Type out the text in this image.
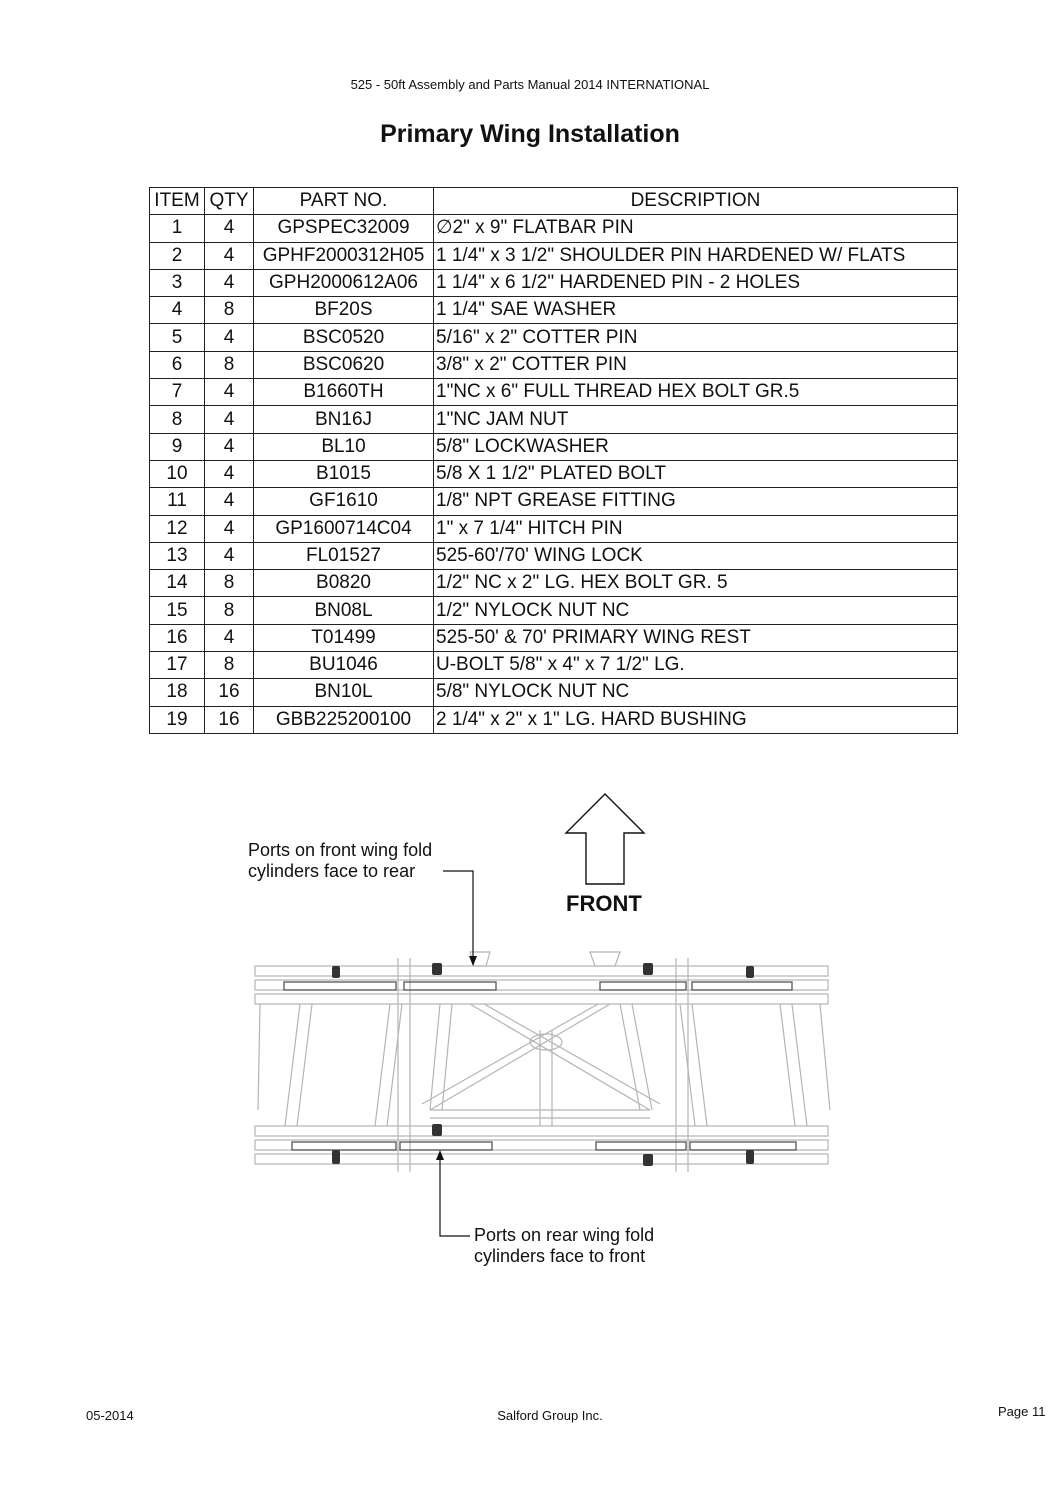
525 - 50ft Assembly and Parts Manual 2014 INTERNATIONAL
Primary Wing Installation
ITEM	QTY	PART NO.	DESCRIPTION
1	4	GPSPEC32009	∅2" x 9" FLATBAR PIN
2	4	GPHF2000312H05	1 1/4" x 3 1/2" SHOULDER PIN HARDENED W/ FLATS
3	4	GPH2000612A06	1 1/4" x 6 1/2" HARDENED PIN - 2 HOLES
4	8	BF20S	1 1/4" SAE WASHER
5	4	BSC0520	5/16" x 2" COTTER PIN
6	8	BSC0620	3/8" x 2" COTTER PIN
7	4	B1660TH	1"NC x 6" FULL THREAD HEX BOLT GR.5
8	4	BN16J	1"NC JAM NUT
9	4	BL10	5/8" LOCKWASHER
10	4	B1015	5/8 X 1 1/2" PLATED BOLT
11	4	GF1610	1/8" NPT GREASE FITTING
12	4	GP1600714C04	1" x 7 1/4" HITCH PIN
13	4	FL01527	525-60'/70' WING LOCK
14	8	B0820	1/2" NC x 2" LG. HEX BOLT GR. 5
15	8	BN08L	1/2" NYLOCK NUT NC
16	4	T01499	525-50' & 70' PRIMARY WING REST
17	8	BU1046	U-BOLT 5/8" x 4" x 7 1/2" LG.
18	16	BN10L	5/8" NYLOCK NUT NC
19	16	GBB225200100	2 1/4" x 2" x 1" LG. HARD BUSHING
Ports on front wing fold
cylinders face to rear
FRONT
Ports on rear wing fold
cylinders face to front
05-2014	Salford Group Inc.	Page 11
